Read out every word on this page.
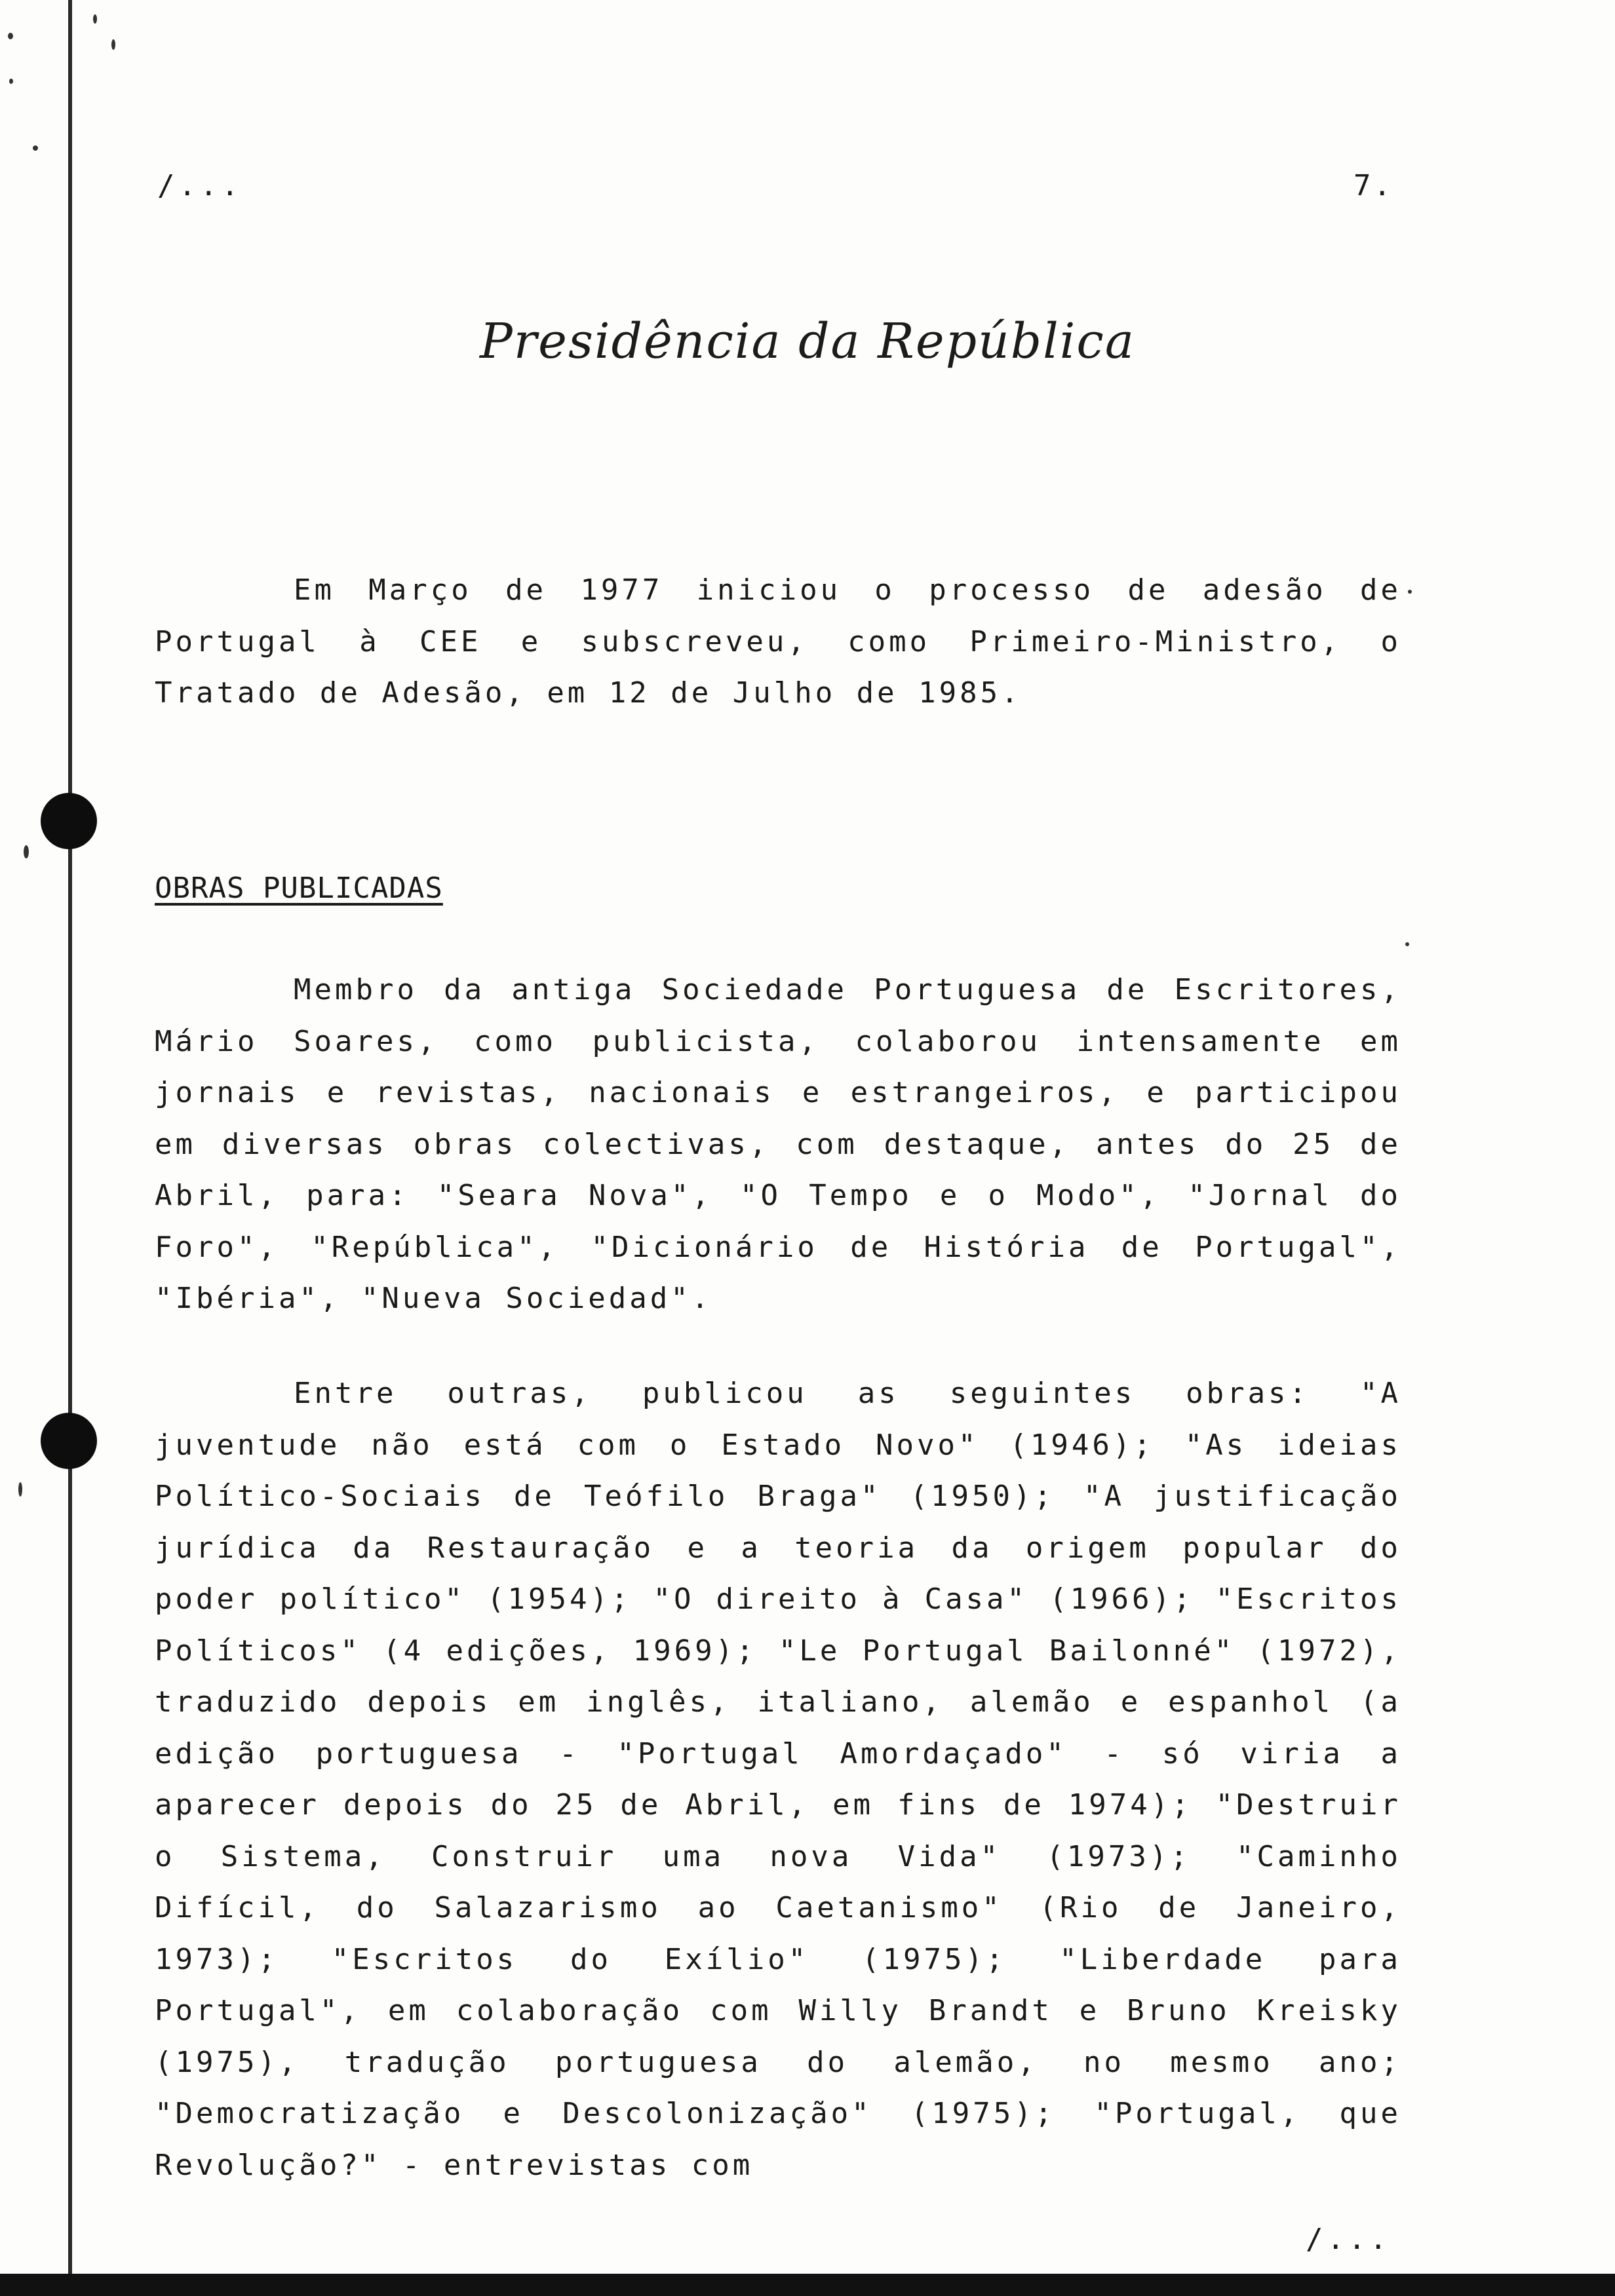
/...	7.
Presidência da República

Em Março de 1977 iniciou o processo de adesão de Portugal à CEE e subscreveu, como Primeiro-Ministro, o Tratado de Adesão, em 12 de Julho de 1985.

OBRAS PUBLICADAS

Membro da antiga Sociedade Portuguesa de Escritores, Mário Soares, como publicista, colaborou intensamente em jornais e revistas, nacionais e estrangeiros, e participou em diversas obras colectivas, com destaque, antes do 25 de Abril, para: "Seara Nova", "O Tempo e o Modo", "Jornal do Foro", "República", "Dicionário de História de Portugal", "Ibéria", "Nueva Sociedad".

Entre outras, publicou as seguintes obras: "A juventude não está com o Estado Novo" (1946); "As ideias Político-Sociais de Teófilo Braga" (1950); "A justificação jurídica da Restauração e a teoria da origem popular do poder político" (1954); "O direito à Casa" (1966); "Escritos Políticos" (4 edições, 1969); "Le Portugal Bailonné" (1972), traduzido depois em inglês, italiano, alemão e espanhol (a edição portuguesa - "Portugal Amordaçado" - só viria a aparecer depois do 25 de Abril, em fins de 1974); "Destruir o Sistema, Construir uma nova Vida" (1973); "Caminho Difícil, do Salazarismo ao Caetanismo" (Rio de Janeiro, 1973); "Escritos do Exílio" (1975); "Liberdade para Portugal", em colaboração com Willy Brandt e Bruno Kreisky (1975), tradução portuguesa do alemão, no mesmo ano; "Democratização e Descolonização" (1975); "Portugal, que Revolução?" - entrevistas com

/...
